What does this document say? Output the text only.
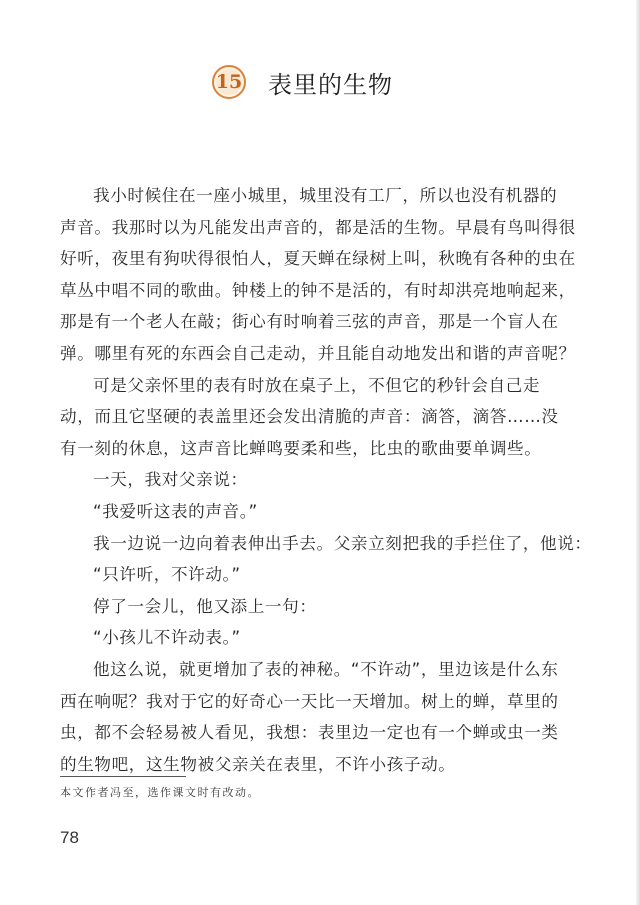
15 表里的生物
我小时候住在一座小城里，城里没有工厂，所以也没有机器的
声音。我那时以为凡能发出声音的，都是活的生物。早晨有鸟叫得很
好听，夜里有狗吠得很怕人，夏天蝉在绿树上叫，秋晚有各种的虫在
草丛中唱不同的歌曲。钟楼上的钟不是活的，有时却洪亮地响起来，
那是有一个老人在敲；街心有时响着三弦的声音，那是一个盲人在
弹。哪里有死的东西会自己走动，并且能自动地发出和谐的声音呢？
可是父亲怀里的表有时放在桌子上，不但它的秒针会自己走
动，而且它坚硬的表盖里还会发出清脆的声音：滴答，滴答……没
有一刻的休息，这声音比蝉鸣要柔和些，比虫的歌曲要单调些。
一天，我对父亲说：
“我爱听这表的声音。”
我一边说一边向着表伸出手去。父亲立刻把我的手拦住了，他说：
“只许听，不许动。”
停了一会儿，他又添上一句：
“小孩儿不许动表。”
他这么说，就更增加了表的神秘。“不许动”，里边该是什么东
西在响呢？我对于它的好奇心一天比一天增加。树上的蝉，草里的
虫，都不会轻易被人看见，我想：表里边一定也有一个蝉或虫一类
的生物吧，这生物被父亲关在表里，不许小孩子动。
本文作者冯至，选作课文时有改动。
78
